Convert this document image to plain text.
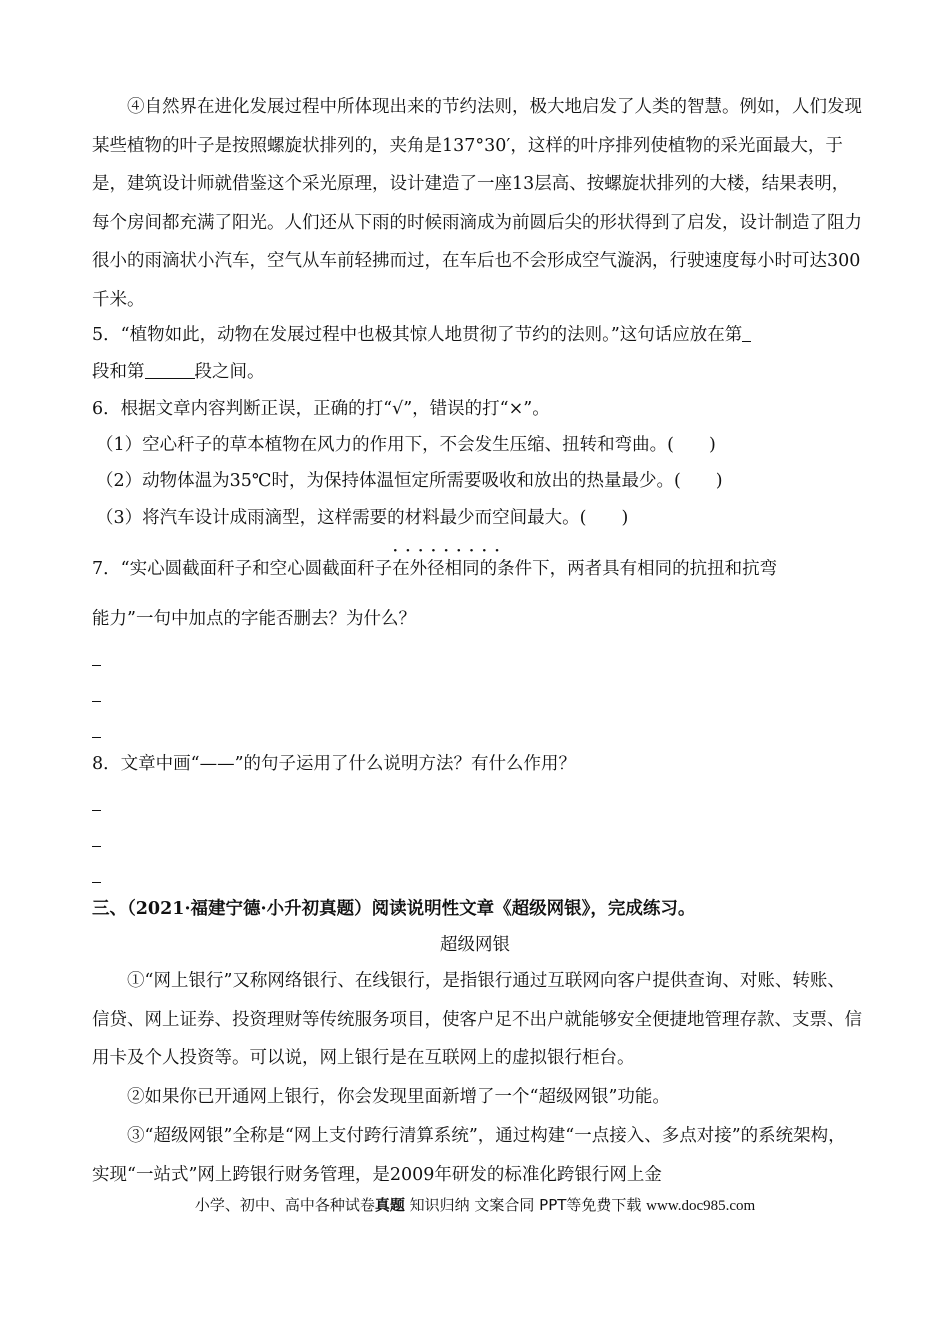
④自然界在进化发展过程中所体现出来的节约法则，极大地启发了人类的智慧。例如，人们发现某些植物的叶子是按照螺旋状排列的，夹角是137°30′，这样的叶序排列使植物的采光面最大，于是，建筑设计师就借鉴这个采光原理，设计建造了一座13层高、按螺旋状排列的大楼，结果表明，每个房间都充满了阳光。人们还从下雨的时候雨滴成为前圆后尖的形状得到了启发，设计制造了阻力很小的雨滴状小汽车，空气从车前轻拂而过，在车后也不会形成空气漩涡，行驶速度每小时可达300千米。

5．“植物如此，动物在发展过程中也极其惊人地贯彻了节约的法则。”这句话应放在第
段和第	段之间。
6．根据文章内容判断正误，正确的打“√”，错误的打“×”。
（1）空心秆子的草本植物在风力的作用下，不会发生压缩、扭转和弯曲。(　　)
（2）动物体温为35℃时，为保持体温恒定所需要吸收和放出的热量最少。(　　)
（3）将汽车设计成雨滴型，这样需要的材料最少而空间最大。(　　)
7．“实心圆截面秆子和空心圆截面秆子
· · · · · · · · ·
在外径相同的条件下，两者具有相同的抗扭和抗弯
能力”一句中加点的字能否删去？为什么？
8．文章中画“——”的句子运用了什么说明方法？有什么作用？
三、（2021·福建宁德·小升初真题）阅读说明性文章《超级网银》，完成练习。
超级网银

①“网上银行”又称网络银行、在线银行，是指银行通过互联网向客户提供查询、对账、转账、信贷、网上证券、投资理财等传统服务项目，使客户足不出户就能够安全便捷地管理存款、支票、信用卡及个人投资等。可以说，网上银行是在互联网上的虚拟银行柜台。

②如果你已开通网上银行，你会发现里面新增了一个“超级网银”功能。

③“超级网银”全称是“网上支付跨行清算系统”，通过构建“一点接入、多点对接”的系统架构，实现“一站式”网上跨银行财务管理，是2009年研发的标准化跨银行网上金

小学、初中、高中各种试卷真题 知识归纳 文案合同 PPT等免费下载 www.doc985.com
